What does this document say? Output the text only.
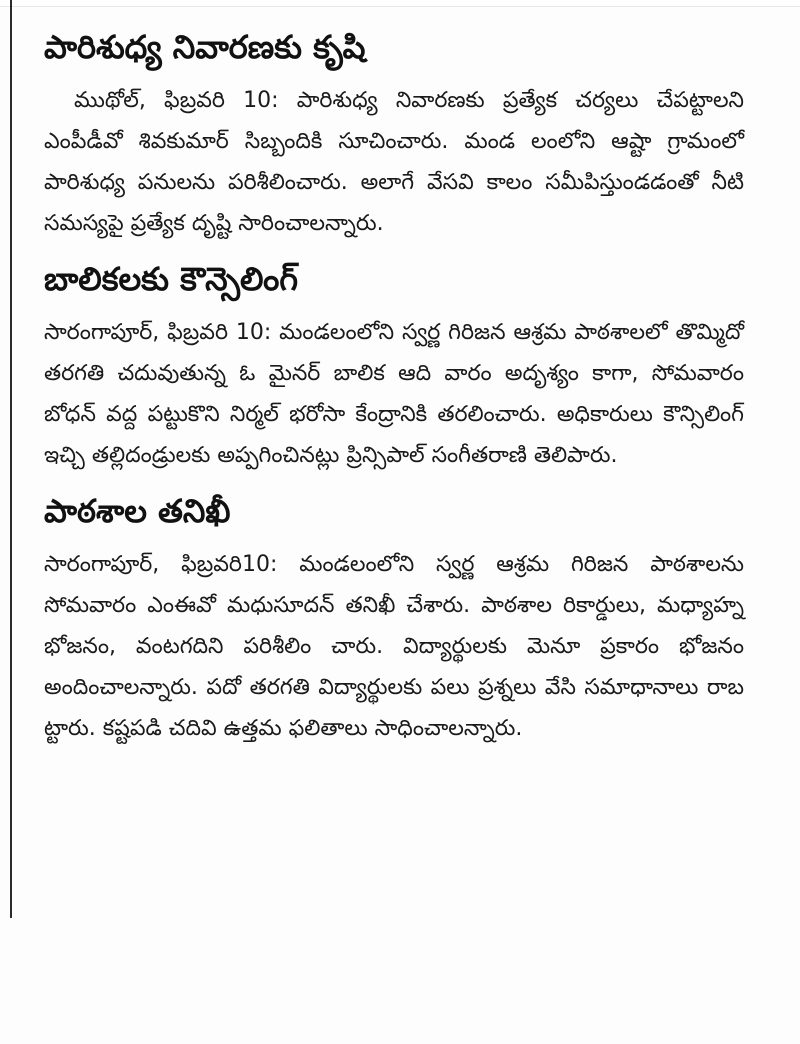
పారిశుధ్య నివారణకు కృషి

ముథోల్, ఫిబ్రవరి 10: పారిశుధ్య నివారణకు ప్రత్యేక చర్యలు చేపట్టాలని ఎంపీడీవో శివకుమార్ సిబ్బందికి సూచించారు. మండ లంలోని ఆష్టా గ్రామంలో పారిశుధ్య పనులను పరిశీలించారు. అలాగే వేసవి కాలం సమీపిస్తుండడంతో నీటి సమస్యపై ప్రత్యేక దృష్టి సారించాలన్నారు.

బాలికలకు కౌన్సెలింగ్

సారంగాపూర్, ఫిబ్రవరి 10: మండలంలోని స్వర్ణ గిరిజన ఆశ్రమ పాఠశాలలో తొమ్మిదో తరగతి చదువుతున్న ఓ మైనర్ బాలిక ఆది వారం అదృశ్యం కాగా, సోమవారం బోధన్ వద్ద పట్టుకొని నిర్మల్ భరోసా కేంద్రానికి తరలించారు. అధికారులు కౌన్సిలింగ్ ఇచ్చి తల్లిదండ్రులకు అప్పగించినట్లు ప్రిన్సిపాల్ సంగీతరాణి తెలిపారు.

పాఠశాల తనిఖీ

సారంగాపూర్, ఫిబ్రవరి10: మండలంలోని స్వర్ణ ఆశ్రమ గిరిజన పాఠశాలను సోమవారం ఎంఈవో మధుసూదన్ తనిఖీ చేశారు. పాఠశాల రికార్డులు, మధ్యాహ్న భోజనం, వంటగదిని పరిశీలిం చారు. విద్యార్థులకు మెనూ ప్రకారం భోజనం అందించాలన్నారు. పదో తరగతి విద్యార్థులకు పలు ప్రశ్నలు వేసి సమాధానాలు రాబ ట్టారు. కష్టపడి చదివి ఉత్తమ ఫలితాలు సాధించాలన్నారు.
